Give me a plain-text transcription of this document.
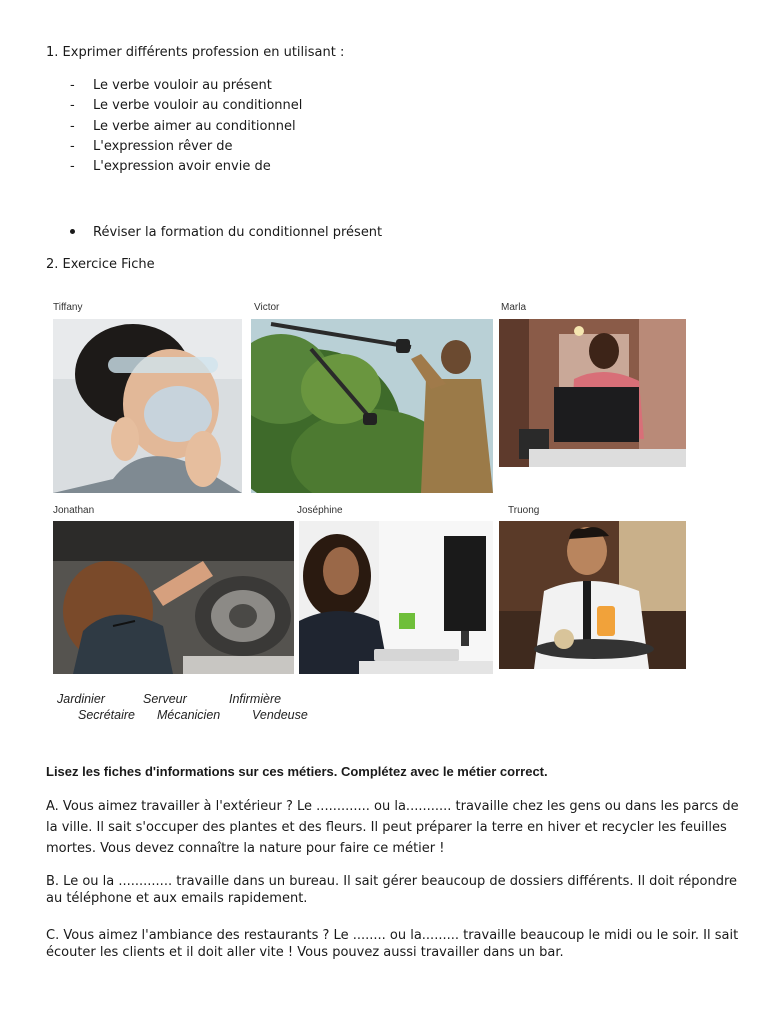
1. Exprimer différents profession en utilisant :
- Le verbe vouloir au présent
- Le verbe vouloir au conditionnel
- Le verbe aimer au conditionnel
- L'expression rêver de
- L'expression avoir envie de
Réviser la formation du conditionnel présent
2. Exercice Fiche
Tiffany	Victor	Marla
Jonathan	Joséphine	Truong
Jardinier	Serveur	Infirmière
Secrétaire Mécanicien	Vendeuse
Lisez les fiches d'informations sur ces métiers. Complétez avec le métier correct.
A. Vous aimez travailler à l'extérieur ? Le ............. ou la........... travaille chez les gens ou dans les parcs de
la ville. Il sait s'occuper des plantes et des fleurs. Il peut préparer la terre en hiver et recycler les feuilles
mortes. Vous devez connaître la nature pour faire ce métier !
B. Le ou la ............. travaille dans un bureau. Il sait gérer beaucoup de dossiers différents. Il doit répondre
au téléphone et aux emails rapidement.
C. Vous aimez l'ambiance des restaurants ? Le ........ ou la......... travaille beaucoup le midi ou le soir. Il sait
écouter les clients et il doit aller vite ! Vous pouvez aussi travailler dans un bar.
